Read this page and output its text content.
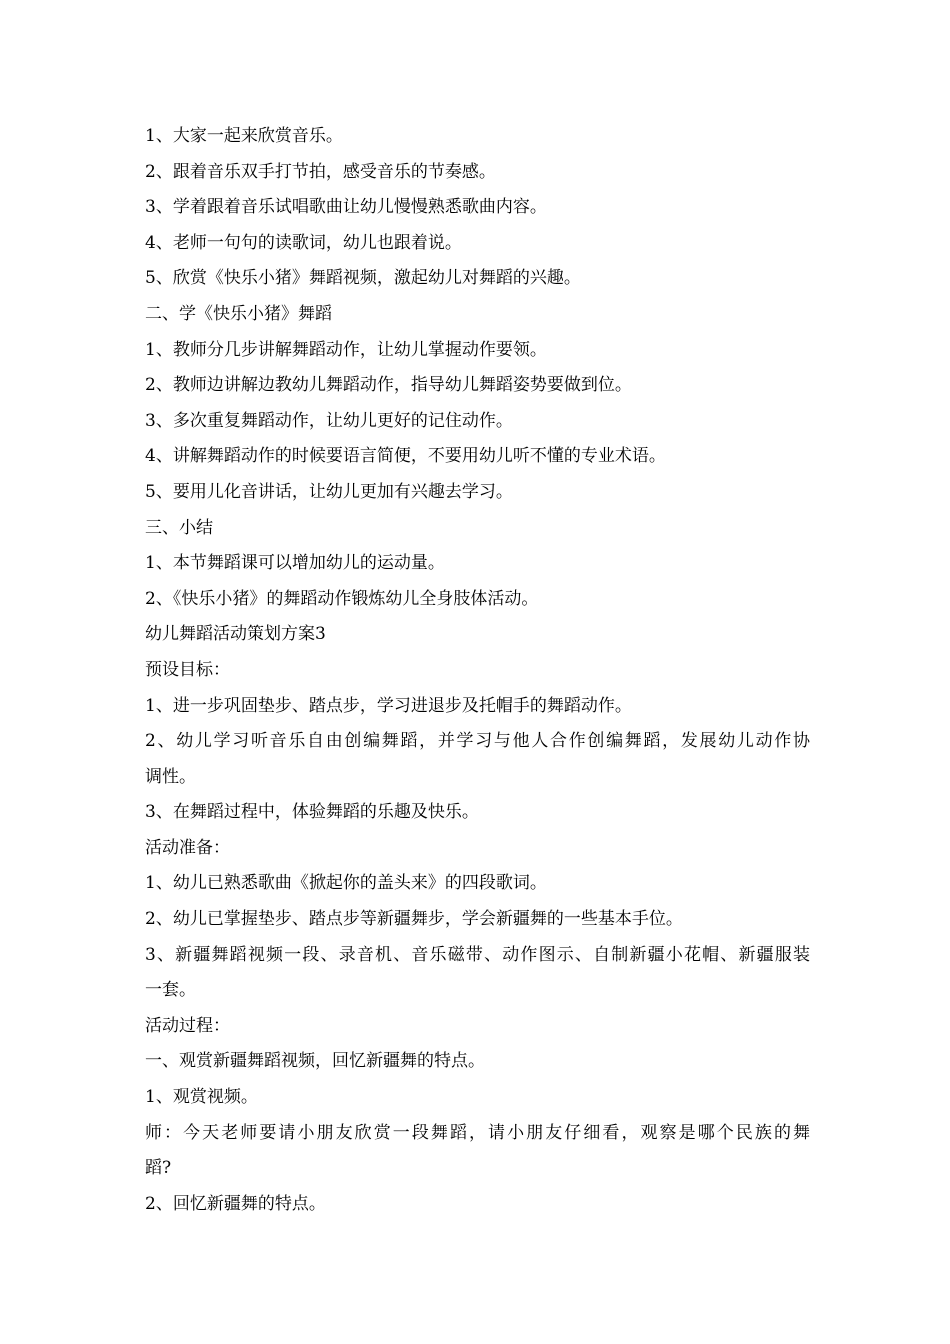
1、大家一起来欣赏音乐。
2、跟着音乐双手打节拍，感受音乐的节奏感。
3、学着跟着音乐试唱歌曲让幼儿慢慢熟悉歌曲内容。
4、老师一句句的读歌词，幼儿也跟着说。
5、欣赏《快乐小猪》舞蹈视频，激起幼儿对舞蹈的兴趣。
二、学《快乐小猪》舞蹈
1、教师分几步讲解舞蹈动作，让幼儿掌握动作要领。
2、教师边讲解边教幼儿舞蹈动作，指导幼儿舞蹈姿势要做到位。
3、多次重复舞蹈动作，让幼儿更好的记住动作。
4、讲解舞蹈动作的时候要语言简便，不要用幼儿听不懂的专业术语。
5、要用儿化音讲话，让幼儿更加有兴趣去学习。
三、小结
1、本节舞蹈课可以增加幼儿的运动量。
2、《快乐小猪》的舞蹈动作锻炼幼儿全身肢体活动。
幼儿舞蹈活动策划方案3
预设目标：
1、进一步巩固垫步、踏点步，学习进退步及托帽手的舞蹈动作。
2、幼儿学习听音乐自由创编舞蹈，并学习与他人合作创编舞蹈，发展幼儿动作协
调性。
3、在舞蹈过程中，体验舞蹈的乐趣及快乐。
活动准备：
1、幼儿已熟悉歌曲《掀起你的盖头来》的四段歌词。
2、幼儿已掌握垫步、踏点步等新疆舞步，学会新疆舞的一些基本手位。
3、新疆舞蹈视频一段、录音机、音乐磁带、动作图示、自制新疆小花帽、新疆服装
一套。
活动过程：
一、观赏新疆舞蹈视频，回忆新疆舞的特点。
1、观赏视频。
师：今天老师要请小朋友欣赏一段舞蹈，请小朋友仔细看，观察是哪个民族的舞
蹈?
2、回忆新疆舞的特点。
